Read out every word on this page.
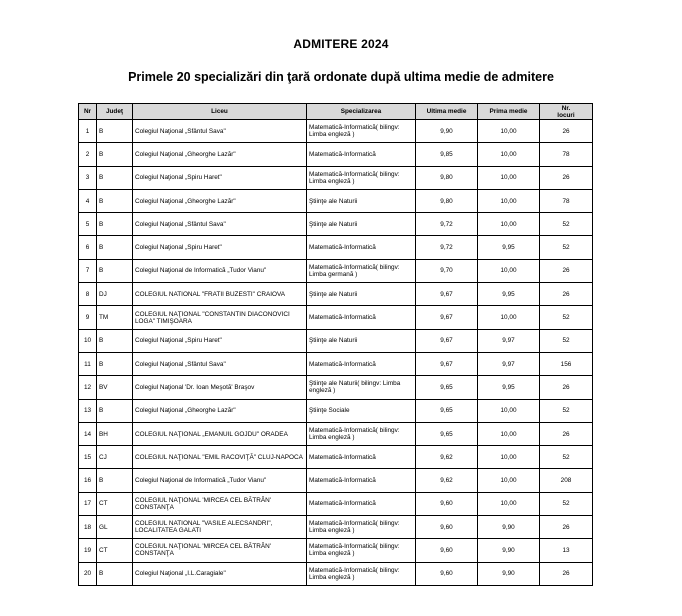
ADMITERE 2024
Primele 20 specializări din ţară ordonate după ultima medie de admitere
Nr	Judeţ	Liceu	Specializarea	Ultima medie	Prima medie	Nr.
locuri
1	B	Colegiul Naţional „Sfântul Sava"	Matematică-Informatică( bilingv: Limba engleză )	9,90	10,00	26
2	B	Colegiul Naţional „Gheorghe Lazăr"	Matematică-Informatică	9,85	10,00	78
3	B	Colegiul Naţional „Spiru Haret"	Matematică-Informatică( bilingv: Limba engleză )	9,80	10,00	26
4	B	Colegiul Naţional „Gheorghe Lazăr"	Ştiinţe ale Naturii	9,80	10,00	78
5	B	Colegiul Naţional „Sfântul Sava"	Ştiinţe ale Naturii	9,72	10,00	52
6	B	Colegiul Naţional „Spiru Haret"	Matematică-Informatică	9,72	9,95	52
7	B	Colegiul Naţional de Informatică „Tudor Vianu"	Matematică-Informatică( bilingv: Limba germană )	9,70	10,00	26
8	DJ	COLEGIUL NATIONAL "FRATII BUZESTI" CRAIOVA	Ştiinţe ale Naturii	9,67	9,95	26
9	TM	COLEGIUL NAŢIONAL "CONSTANTIN DIACONOVICI LOGA" TIMIŞOARA	Matematică-Informatică	9,67	10,00	52
10	B	Colegiul Naţional „Spiru Haret"	Ştiinţe ale Naturii	9,67	9,97	52
11	B	Colegiul Naţional „Sfântul Sava"	Matematică-Informatică	9,67	9,97	156
12	BV	Colegiul Naţional 'Dr. Ioan Meşotă' Braşov	Ştiinţe ale Naturii( bilingv: Limba engleză )	9,65	9,95	26
13	B	Colegiul Naţional „Gheorghe Lazăr"	Ştiinţe Sociale	9,65	10,00	52
14	BH	COLEGIUL NAŢIONAL „EMANUIL GOJDU" ORADEA	Matematică-Informatică( bilingv: Limba engleză )	9,65	10,00	26
15	CJ	COLEGIUL NAŢIONAL "EMIL RACOVIŢĂ" CLUJ-NAPOCA	Matematică-Informatică	9,62	10,00	52
16	B	Colegiul Naţional de Informatică „Tudor Vianu"	Matematică-Informatică	9,62	10,00	208
17	CT	COLEGIUL NAŢIONAL 'MIRCEA CEL BĂTRÂN' CONSTANŢA	Matematică-Informatică	9,60	10,00	52
18	GL	COLEGIUL NATIONAL "VASILE ALECSANDRI", LOCALITATEA GALATI	Matematică-Informatică( bilingv: Limba engleză )	9,60	9,90	26
19	CT	COLEGIUL NAŢIONAL 'MIRCEA CEL BĂTRÂN' CONSTANŢA	Matematică-Informatică( bilingv: Limba engleză )	9,60	9,90	13
20	B	Colegiul Naţional „I.L.Caragiale"	Matematică-Informatică( bilingv: Limba engleză )	9,60	9,90	26
